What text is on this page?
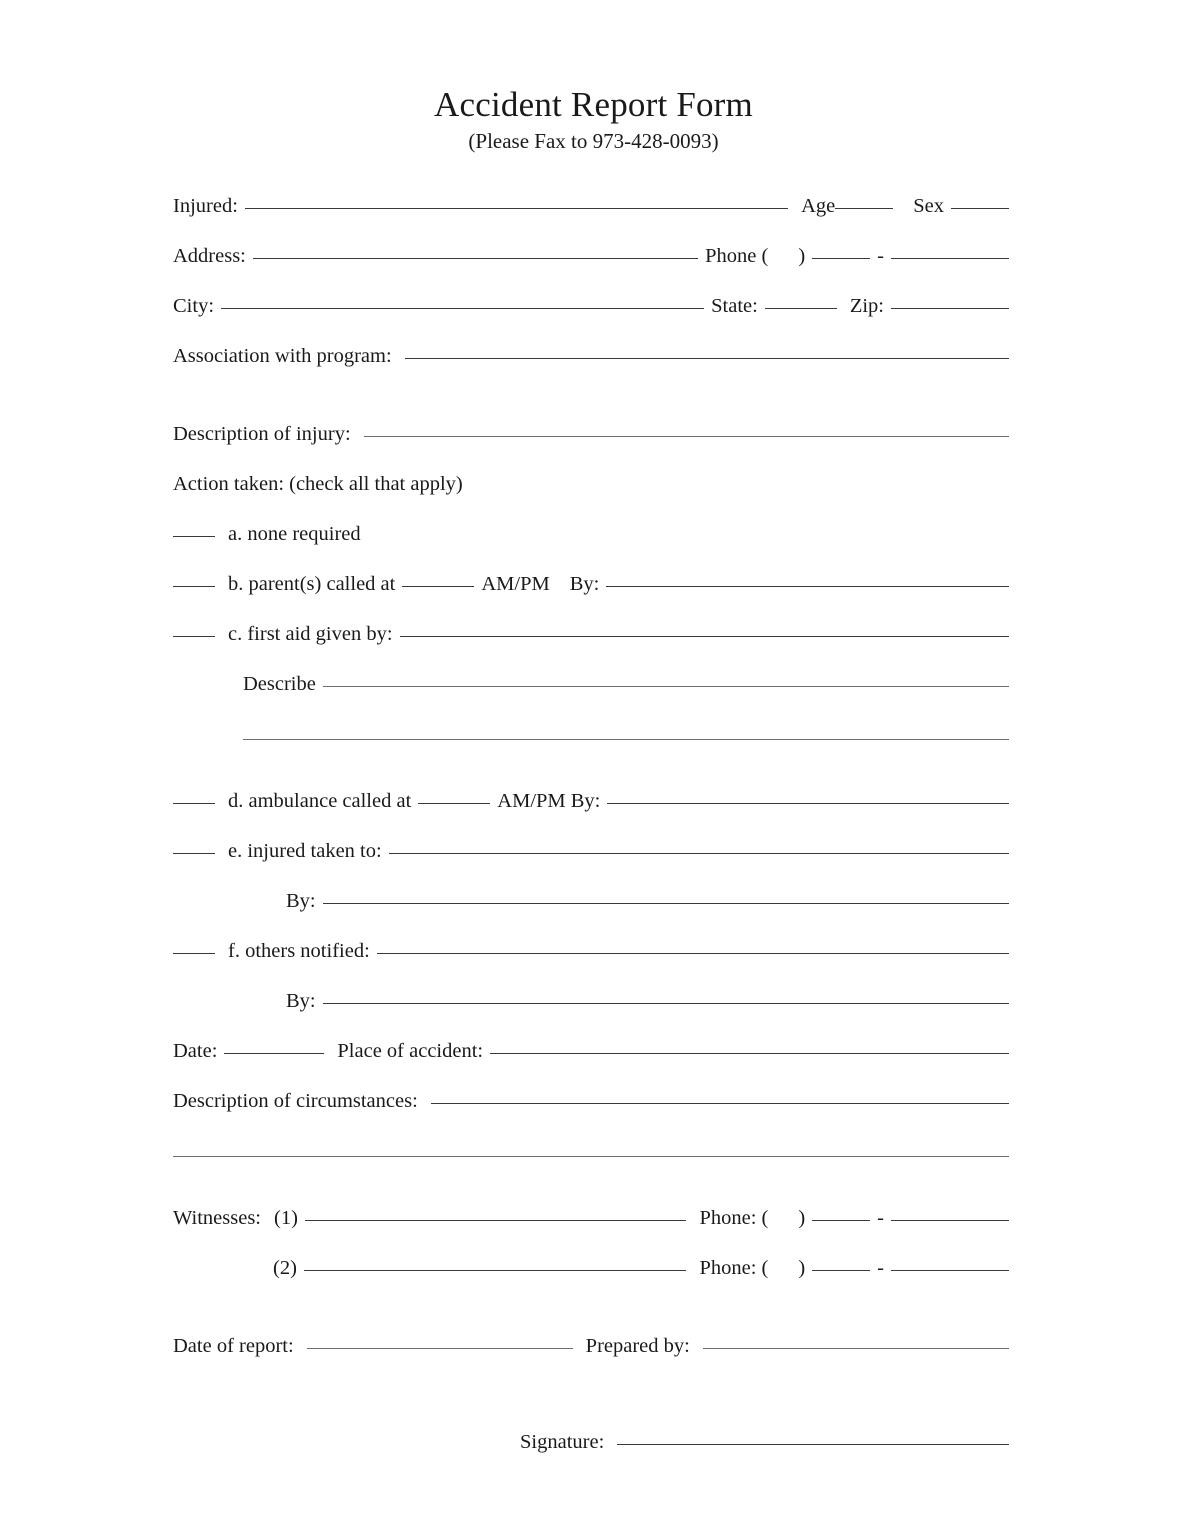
Accident Report Form
(Please Fax to 973-428-0093)
Injured:	Age	Sex
Address:	Phone ( )	-
City:	State:	Zip:
Association with program:
Description of injury:
Action taken: (check all that apply)
a. none required
b. parent(s) called at	AM/PM By:
c. first aid given by:
Describe
d. ambulance called at	AM/PM By:
e. injured taken to:
By:
f. others notified:
By:
Date:	Place of accident:
Description of circumstances:
Witnesses: (1)	Phone: ( )	-
(2)	Phone: ( )	-
Date of report:	Prepared by:
Signature:
